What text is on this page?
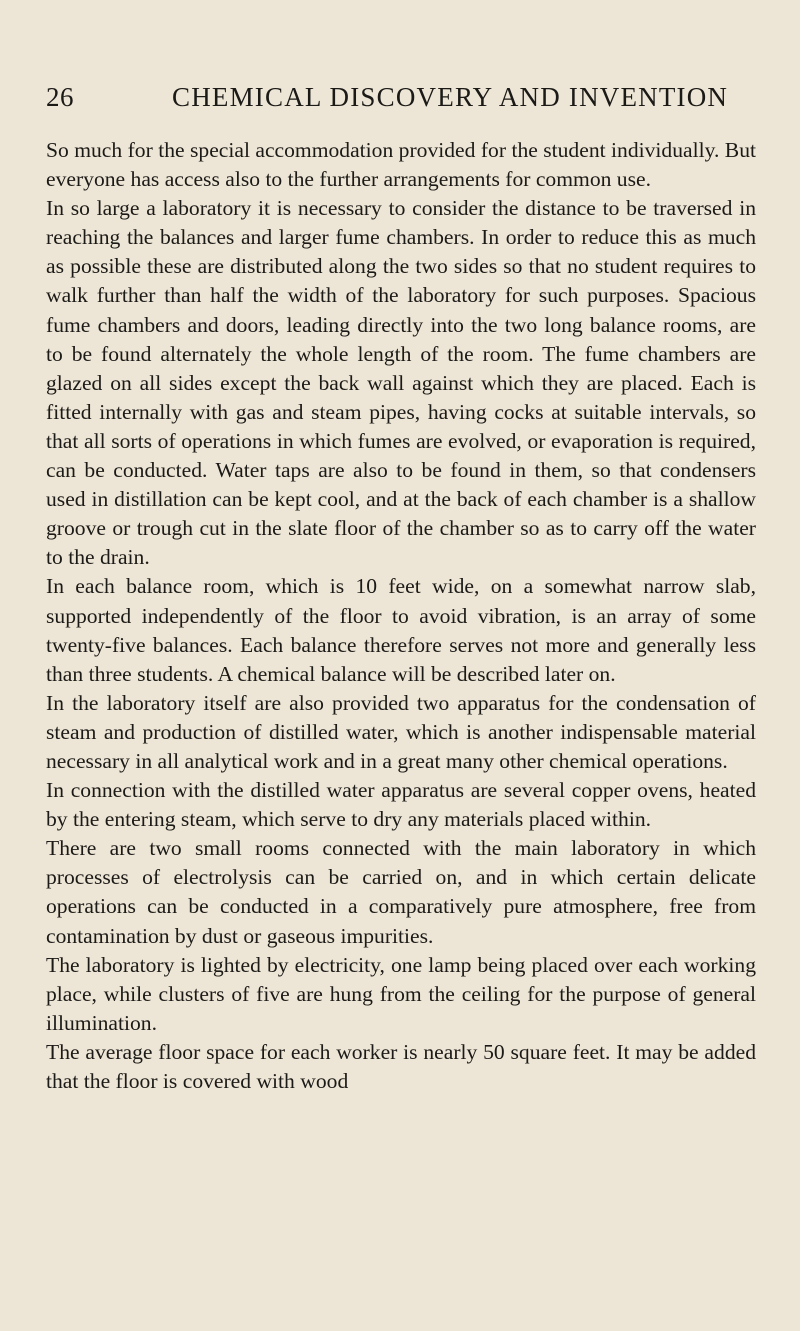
26	CHEMICAL DISCOVERY AND INVENTION

So much for the special accommodation provided for the student individually. But everyone has access also to the further arrangements for common use.

In so large a laboratory it is necessary to consider the distance to be traversed in reaching the balances and larger fume chambers. In order to reduce this as much as possible these are distributed along the two sides so that no student requires to walk further than half the width of the laboratory for such purposes. Spacious fume chambers and doors, leading directly into the two long balance rooms, are to be found alternately the whole length of the room. The fume chambers are glazed on all sides except the back wall against which they are placed. Each is fitted internally with gas and steam pipes, having cocks at suitable intervals, so that all sorts of operations in which fumes are evolved, or evaporation is required, can be conducted. Water taps are also to be found in them, so that condensers used in distillation can be kept cool, and at the back of each chamber is a shallow groove or trough cut in the slate floor of the chamber so as to carry off the water to the drain.

In each balance room, which is 10 feet wide, on a somewhat narrow slab, supported independently of the floor to avoid vibration, is an array of some twenty-five balances. Each balance therefore serves not more and generally less than three students. A chemical balance will be described later on.

In the laboratory itself are also provided two apparatus for the condensation of steam and production of distilled water, which is another indispensable material necessary in all analytical work and in a great many other chemical operations.

In connection with the distilled water apparatus are several copper ovens, heated by the entering steam, which serve to dry any materials placed within.

There are two small rooms connected with the main laboratory in which processes of electrolysis can be carried on, and in which certain delicate operations can be conducted in a comparatively pure atmosphere, free from contamination by dust or gaseous impurities.

The laboratory is lighted by electricity, one lamp being placed over each working place, while clusters of five are hung from the ceiling for the purpose of general illumination.

The average floor space for each worker is nearly 50 square feet. It may be added that the floor is covered with wood
